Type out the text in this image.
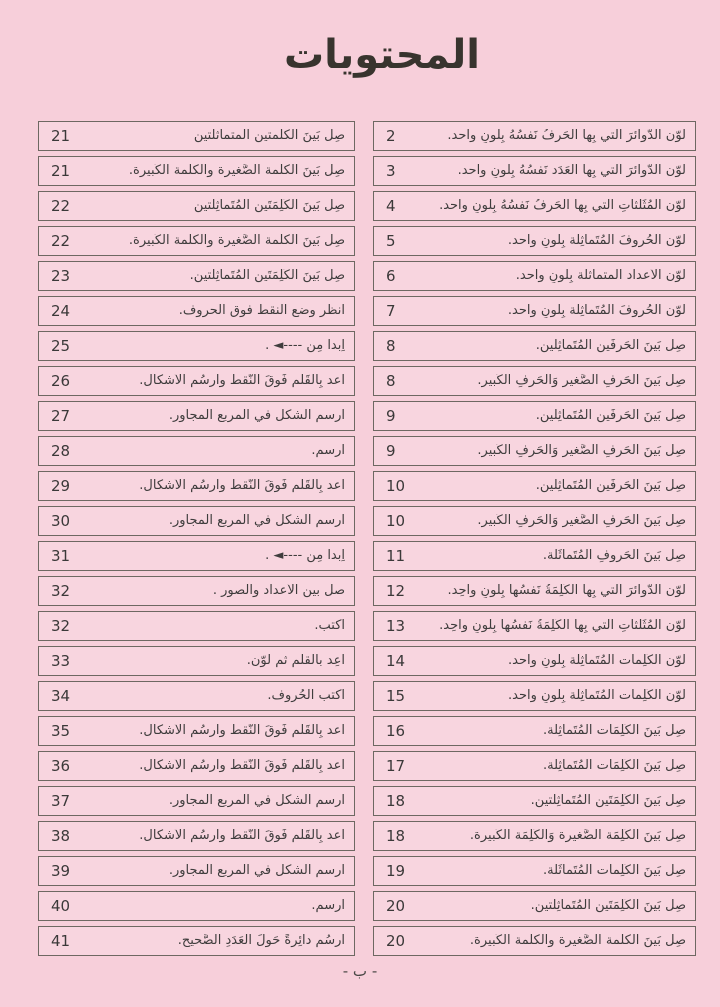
المحتويات
21	صِل بَينَ الكلمتين المتماثلتين
21	صِل بَينَ الكلمة الصَّغيرة والكلمة الكَبيرة.
22	صِل بَينَ الكَلِمَتَينِ المُتَماثِلتين
22	صِل بَينَ الكلمة الصَّغيرة والكلمة الكَبيرة.
23	صِل بَينَ الكَلِمَتَينِ المُتَماثِلتين.
24	انظر وضع النقط فوق الحروف.
25	اِبدأ مِن ----◄ .
26	أعد بِالقَلَمِ فَوقَ النُّقط وارسُم الأشكال.
27	ارسم الشكل في المربع المجاور.
28	ارسم.
29	أعد بِالقَلَمِ فَوقَ النُّقط وارسُم الأشكال.
30	ارسم الشكل في المربع المجاور.
31	اِبدأ مِن ----◄ .
32	صل بين الأعداد والصور .
32	اكتب.
33	أعِد بالقلم ثم لَوّن.
34	اكتب الحُروف.
35	أعد بِالقَلَمِ فَوقَ النُّقط وارسُم الأشكال.
36	أعد بِالقَلَمِ فَوقَ النُّقط وارسُم الأشكال.
37	ارسم الشكل في المربع المجاور.
38	أعد بِالقَلَمِ فَوقَ النُّقط وارسُم الأشكال.
39	ارسم الشكل في المربع المجاور.
40	ارسم.
41	ارسُم دائِرةً حَولَ العَدَدِ الصَّحيح.
2	لوّن الدّوائرَ التي بِها الحَرفُ نَفسُهُ بِلَونٍ واحد.
3	لوّن الدّوائرَ التي بِها العَدَد نَفسُهُ بِلَونٍ واحد.
4	لوّن المُثَلثاتِ التي بِها الحَرفُ نَفسُهُ بِلَونٍ واحد.
5	لوّن الحُروفَ المُتَماثِلَة بِلَونٍ واحد.
6	لوّن الأعداد المتماثلة بِلَونٍ واحد.
7	لوّن الحُروفَ المُتَماثِلَة بِلَونٍ واحد.
8	صِل بَينَ الحَرفَين المُتَماثِلين.
8	صِل بَينَ الحَرفِ الصَّغير وَالحَرفِ الكَبير.
9	صِل بَينَ الحَرفَين المُتَماثِلين.
9	صِل بَينَ الحَرفِ الصَّغير وَالحَرفِ الكَبير.
10	صِل بَينَ الحَرفَين المُتَماثِلين.
10	صِل بَينَ الحَرفِ الصَّغير وَالحَرفِ الكَبير.
11	صِل بَينَ الحَروفِ المُتَماثَلة.
12	لوّن الدّوائرَ التي بِها الكَلِمَةُ نَفسُها بِلَونٍ واحِد.
13	لوّن المُثَلثاتِ التي بِها الكَلِمَةُ نَفسُها بِلَونٍ واحِد.
14	لوّن الكَلِمات المُتَماثِلَة بِلَونٍ واحد.
15	لوّن الكَلِمات المُتَماثِلَة بِلَونٍ واحد.
16	صِل بَينَ الكَلِمَات المُتَماثِلة.
17	صِل بَينَ الكَلِمَات المُتَماثِلة.
18	صِل بَينَ الكَلِمَتَينِ المُتَماثِلتين.
18	صِل بَينَ الكَلِمَة الصَّغيرة وَالكَلِمَة الكَبيرة.
19	صِل بَينَ الكَلِمات المُتَماثَلة.
20	صِل بَينَ الكَلِمَتَينِ المُتَماثِلتين.
20	صِل بَينَ الكلمة الصَّغيرة والكلمة الكَبيرة.
- ب -
